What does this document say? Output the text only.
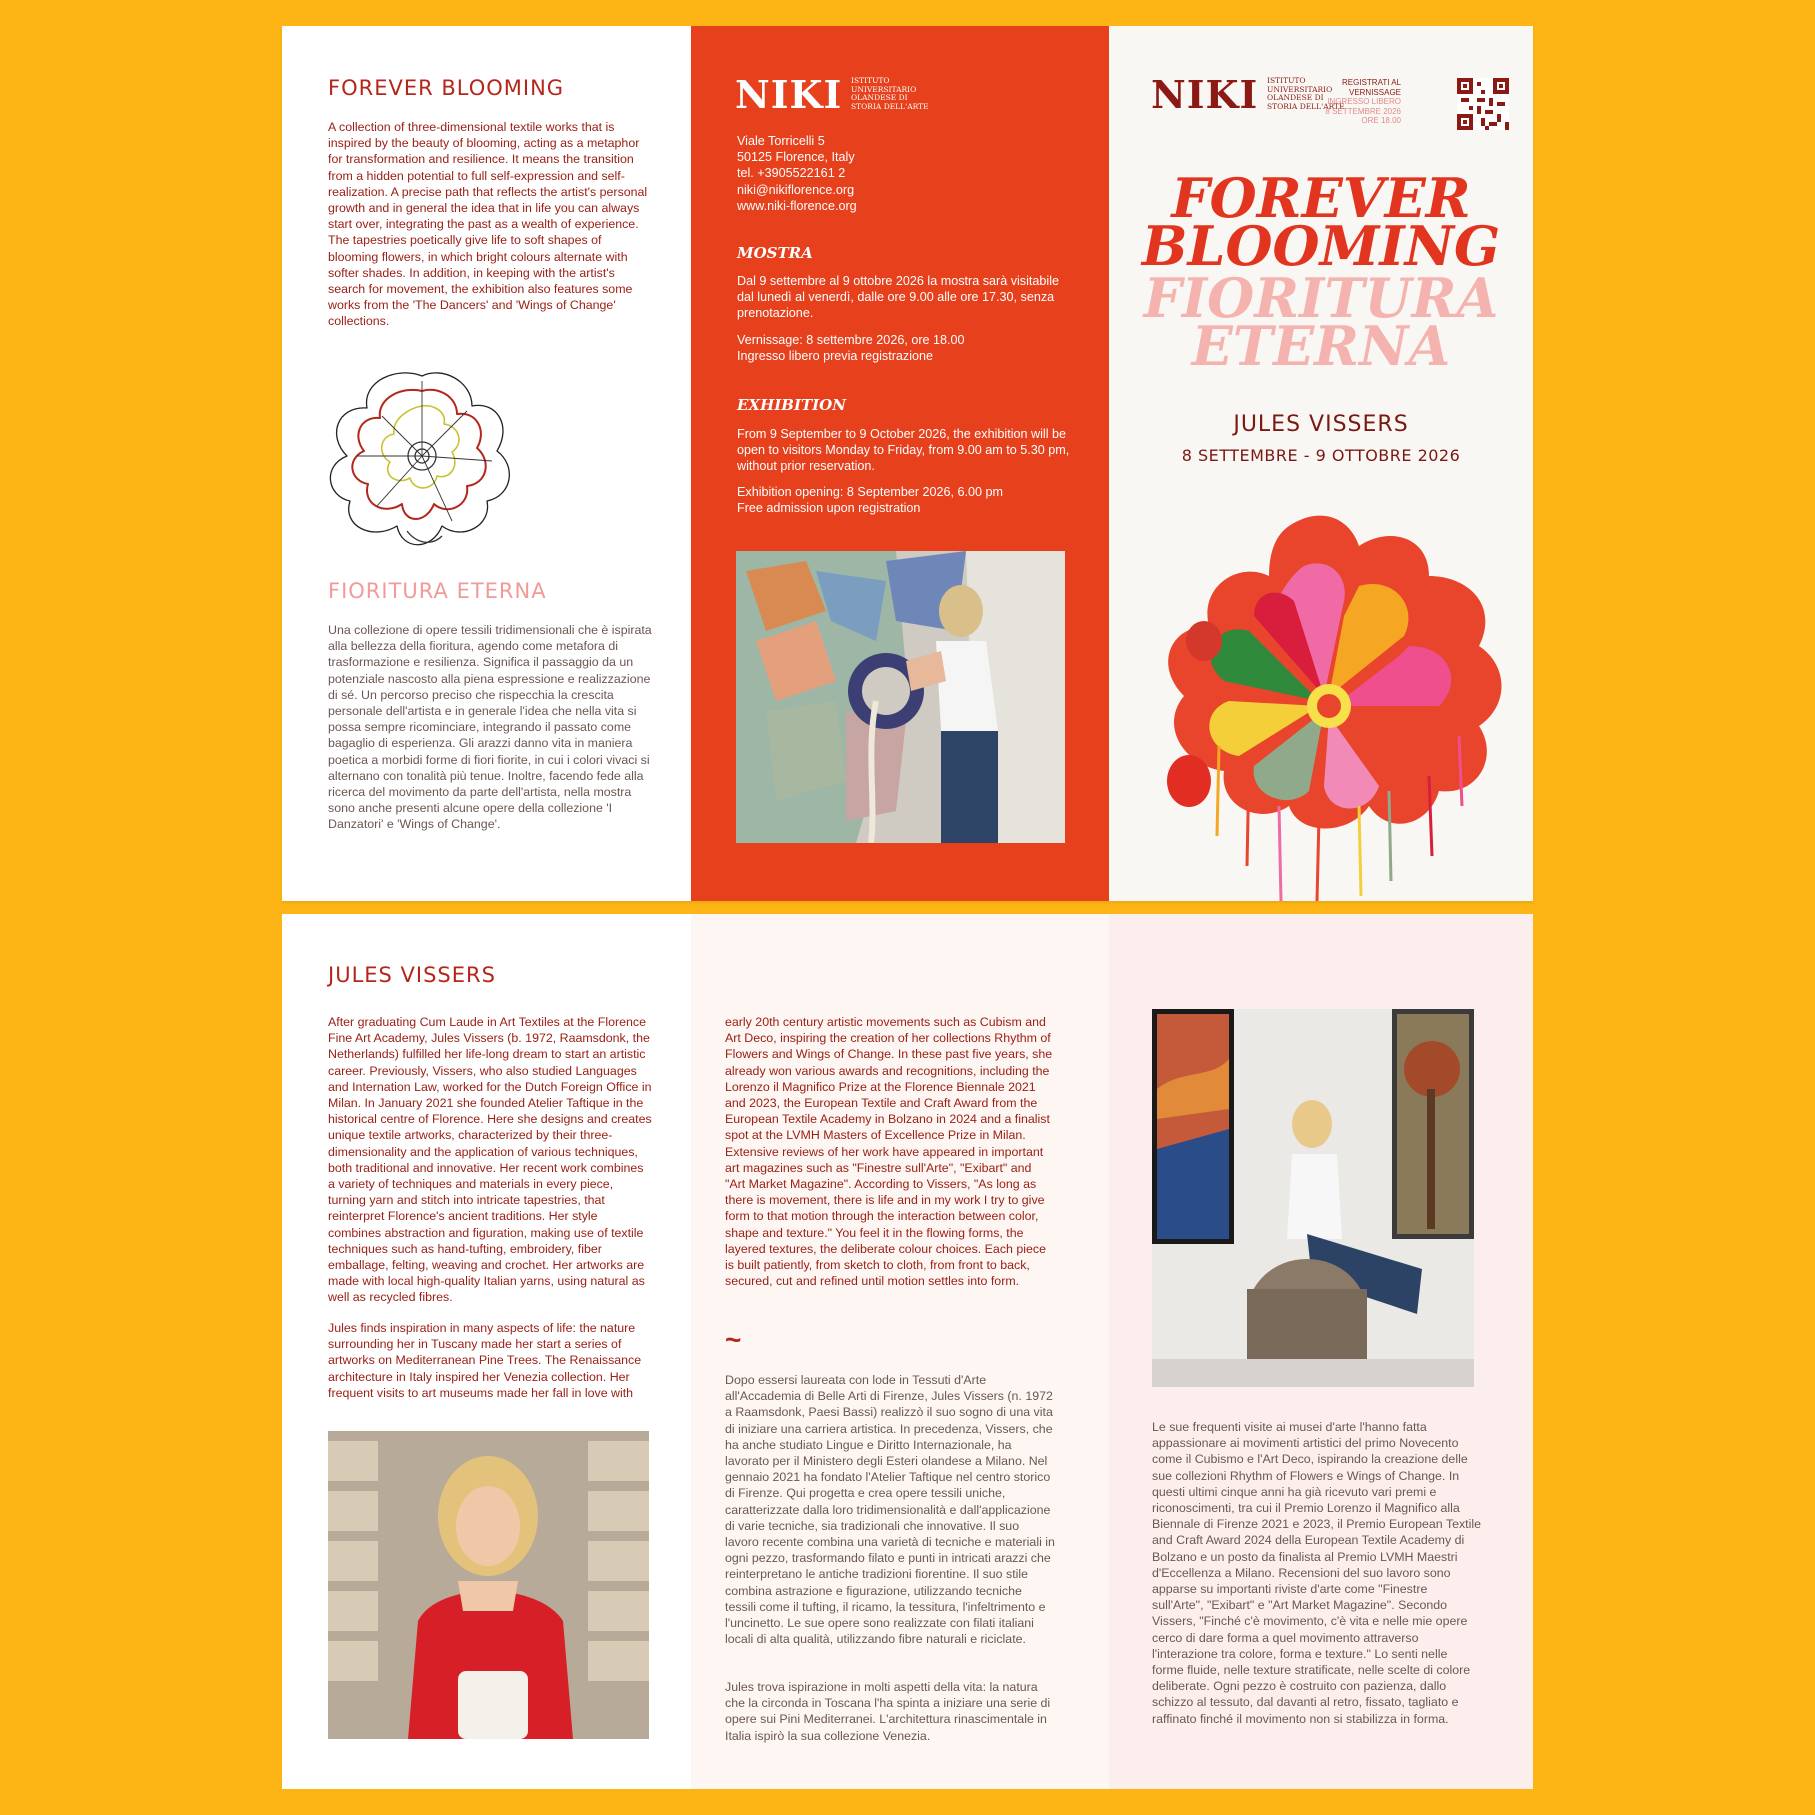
FOREVER BLOOMING

A collection of three-dimensional textile works that is inspired by the beauty of blooming, acting as a metaphor for transformation and resilience. It means the transition from a hidden potential to full self-expression and self-realization. A precise path that reflects the artist's personal growth and in general the idea that in life you can always start over, integrating the past as a wealth of experience. The tapestries poetically give life to soft shapes of blooming flowers, in which bright colours alternate with softer shades. In addition, in keeping with the artist's search for movement, the exhibition also features some works from the 'The Dancers' and 'Wings of Change' collections.

FIORITURA ETERNA

Una collezione di opere tessili tridimensionali che è ispirata alla bellezza della fioritura, agendo come metafora di trasformazione e resilienza. Significa il passaggio da un potenziale nascosto alla piena espressione e realizzazione di sé. Un percorso preciso che rispecchia la crescita personale dell'artista e in generale l'idea che nella vita si possa sempre ricominciare, integrando il passato come bagaglio di esperienza. Gli arazzi danno vita in maniera poetica a morbidi forme di fiori fiorite, in cui i colori vivaci si alternano con tonalità più tenue. Inoltre, facendo fede alla ricerca del movimento da parte dell'artista, nella mostra sono anche presenti alcune opere della collezione 'I Danzatori' e 'Wings of Change'.

NIKI ISTITUTO
UNIVERSITARIO
OLANDESE DI
STORIA DELL'ARTE
Viale Torricelli 5
50125 Florence, Italy
tel. +3905522161 2
niki@nikiflorence.org
www.niki-florence.org
MOSTRA

Dal 9 settembre al 9 ottobre 2026 la mostra sarà visitabile dal lunedì al venerdì, dalle ore 9.00 alle ore 17.30, senza prenotazione.

Vernissage: 8 settembre 2026, ore 18.00
Ingresso libero previa registrazione
EXHIBITION

From 9 September to 9 October 2026, the exhibition will be open to visitors Monday to Friday, from 9.00 am to 5.30 pm, without prior reservation.

Exhibition opening: 8 September 2026, 6.00 pm
Free admission upon registration
NIKI ISTITUTO
UNIVERSITARIO
OLANDESE DI
STORIA DELL'ARTE
REGISTRATI AL
VERNISSAGE
INGRESSO LIBERO
8 SETTEMBRE 2026
ORE 18.00
FOREVER
BLOOMING
FIORITURA
ETERNA
JULES VISSERS
8 SETTEMBRE - 9 OTTOBRE 2026
JULES VISSERS

After graduating Cum Laude in Art Textiles at the Florence Fine Art Academy, Jules Vissers (b. 1972, Raamsdonk, the Netherlands) fulfilled her life-long dream to start an artistic career. Previously, Vissers, who also studied Languages and Internation Law, worked for the Dutch Foreign Office in Milan. In January 2021 she founded Atelier Taftique in the historical centre of Florence. Here she designs and creates unique textile artworks, characterized by their three-dimensionality and the application of various techniques, both traditional and innovative. Her recent work combines a variety of techniques and materials in every piece, turning yarn and stitch into intricate tapestries, that reinterpret Florence's ancient traditions. Her style combines abstraction and figuration, making use of textile techniques such as hand-tufting, embroidery, fiber emballage, felting, weaving and crochet. Her artworks are made with local high-quality Italian yarns, using natural as well as recycled fibres.

Jules finds inspiration in many aspects of life: the nature surrounding her in Tuscany made her start a series of artworks on Mediterranean Pine Trees. The Renaissance architecture in Italy inspired her Venezia collection. Her frequent visits to art museums made her fall in love with

early 20th century artistic movements such as Cubism and Art Deco, inspiring the creation of her collections Rhythm of Flowers and Wings of Change. In these past five years, she already won various awards and recognitions, including the Lorenzo il Magnifico Prize at the Florence Biennale 2021 and 2023, the European Textile and Craft Award from the European Textile Academy in Bolzano in 2024 and a finalist spot at the LVMH Masters of Excellence Prize in Milan. Extensive reviews of her work have appeared in important art magazines such as "Finestre sull'Arte", "Exibart" and "Art Market Magazine". According to Vissers, "As long as there is movement, there is life and in my work I try to give form to that motion through the interaction between color, shape and texture." You feel it in the flowing forms, the layered textures, the deliberate colour choices. Each piece is built patiently, from sketch to cloth, from front to back, secured, cut and refined until motion settles into form.

~

Dopo essersi laureata con lode in Tessuti d'Arte all'Accademia di Belle Arti di Firenze, Jules Vissers (n. 1972 a Raamsdonk, Paesi Bassi) realizzò il suo sogno di una vita di iniziare una carriera artistica. In precedenza, Vissers, che ha anche studiato Lingue e Diritto Internazionale, ha lavorato per il Ministero degli Esteri olandese a Milano. Nel gennaio 2021 ha fondato l'Atelier Taftique nel centro storico di Firenze. Qui progetta e crea opere tessili uniche, caratterizzate dalla loro tridimensionalità e dall'applicazione di varie tecniche, sia tradizionali che innovative. Il suo lavoro recente combina una varietà di tecniche e materiali in ogni pezzo, trasformando filato e punti in intricati arazzi che reinterpretano le antiche tradizioni fiorentine. Il suo stile combina astrazione e figurazione, utilizzando tecniche tessili come il tufting, il ricamo, la tessitura, l'infeltrimento e l'uncinetto. Le sue opere sono realizzate con filati italiani locali di alta qualità, utilizzando fibre naturali e riciclate.

Jules trova ispirazione in molti aspetti della vita: la natura che la circonda in Toscana l'ha spinta a iniziare una serie di opere sui Pini Mediterranei. L'architettura rinascimentale in Italia ispirò la sua collezione Venezia.

Le sue frequenti visite ai musei d'arte l'hanno fatta appassionare ai movimenti artistici del primo Novecento come il Cubismo e l'Art Deco, ispirando la creazione delle sue collezioni Rhythm of Flowers e Wings of Change. In questi ultimi cinque anni ha già ricevuto vari premi e riconoscimenti, tra cui il Premio Lorenzo il Magnifico alla Biennale di Firenze 2021 e 2023, il Premio European Textile and Craft Award 2024 della European Textile Academy di Bolzano e un posto da finalista al Premio LVMH Maestri d'Eccellenza a Milano. Recensioni del suo lavoro sono apparse su importanti riviste d'arte come "Finestre sull'Arte", "Exibart" e "Art Market Magazine". Secondo Vissers, "Finché c'è movimento, c'è vita e nelle mie opere cerco di dare forma a quel movimento attraverso l'interazione tra colore, forma e texture." Lo senti nelle forme fluide, nelle texture stratificate, nelle scelte di colore deliberate. Ogni pezzo è costruito con pazienza, dallo schizzo al tessuto, dal davanti al retro, fissato, tagliato e raffinato finché il movimento non si stabilizza in forma.
